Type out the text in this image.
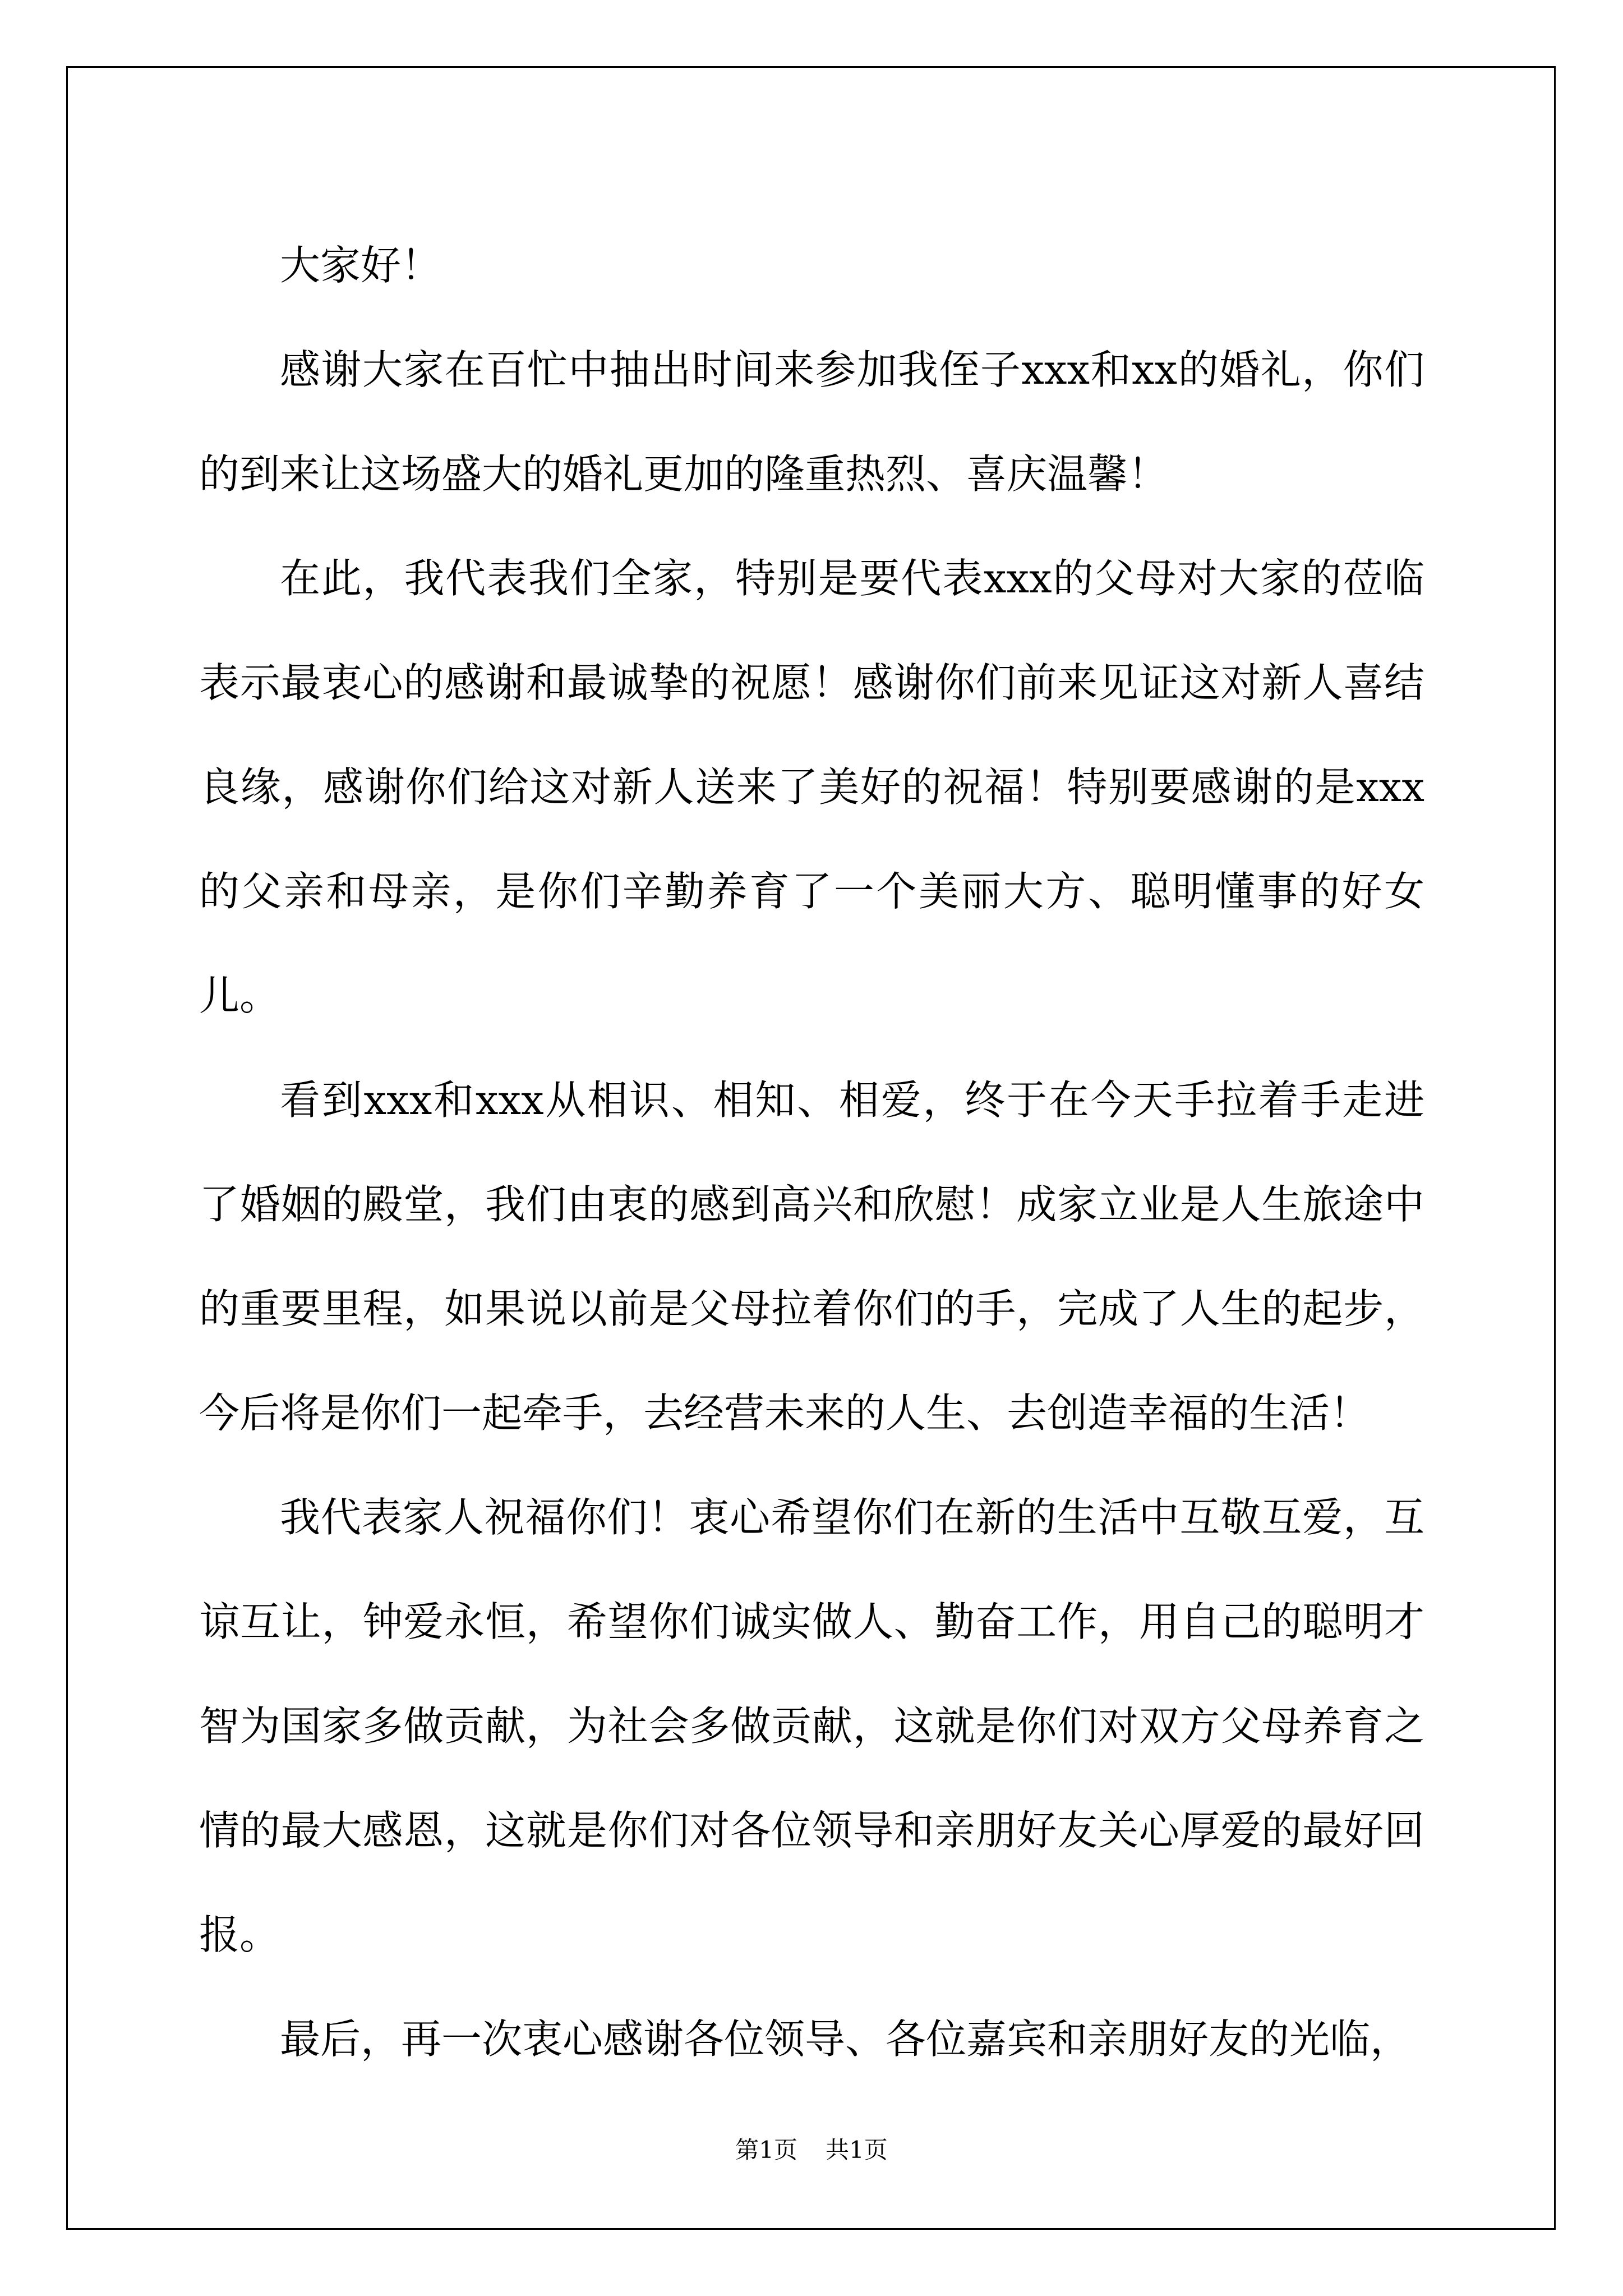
大家好！

感谢大家在百忙中抽出时间来参加我侄子xxx和xx的婚礼，你们的到来让这场盛大的婚礼更加的隆重热烈、喜庆温馨！

在此，我代表我们全家，特别是要代表xxx的父母对大家的莅临表示最衷心的感谢和最诚挚的祝愿！感谢你们前来见证这对新人喜结良缘，感谢你们给这对新人送来了美好的祝福！特别要感谢的是xxx的父亲和母亲，是你们辛勤养育了一个美丽大方、聪明懂事的好女儿。

看到xxx和xxx从相识、相知、相爱，终于在今天手拉着手走进了婚姻的殿堂，我们由衷的感到高兴和欣慰！成家立业是人生旅途中的重要里程，如果说以前是父母拉着你们的手，完成了人生的起步，今后将是你们一起牵手，去经营未来的人生、去创造幸福的生活！

我代表家人祝福你们！衷心希望你们在新的生活中互敬互爱，互谅互让，钟爱永恒，希望你们诚实做人、勤奋工作，用自己的聪明才智为国家多做贡献，为社会多做贡献，这就是你们对双方父母养育之情的最大感恩，这就是你们对各位领导和亲朋好友关心厚爱的最好回报。

最后，再一次衷心感谢各位领导、各位嘉宾和亲朋好友的光临，

第1页 共1页
